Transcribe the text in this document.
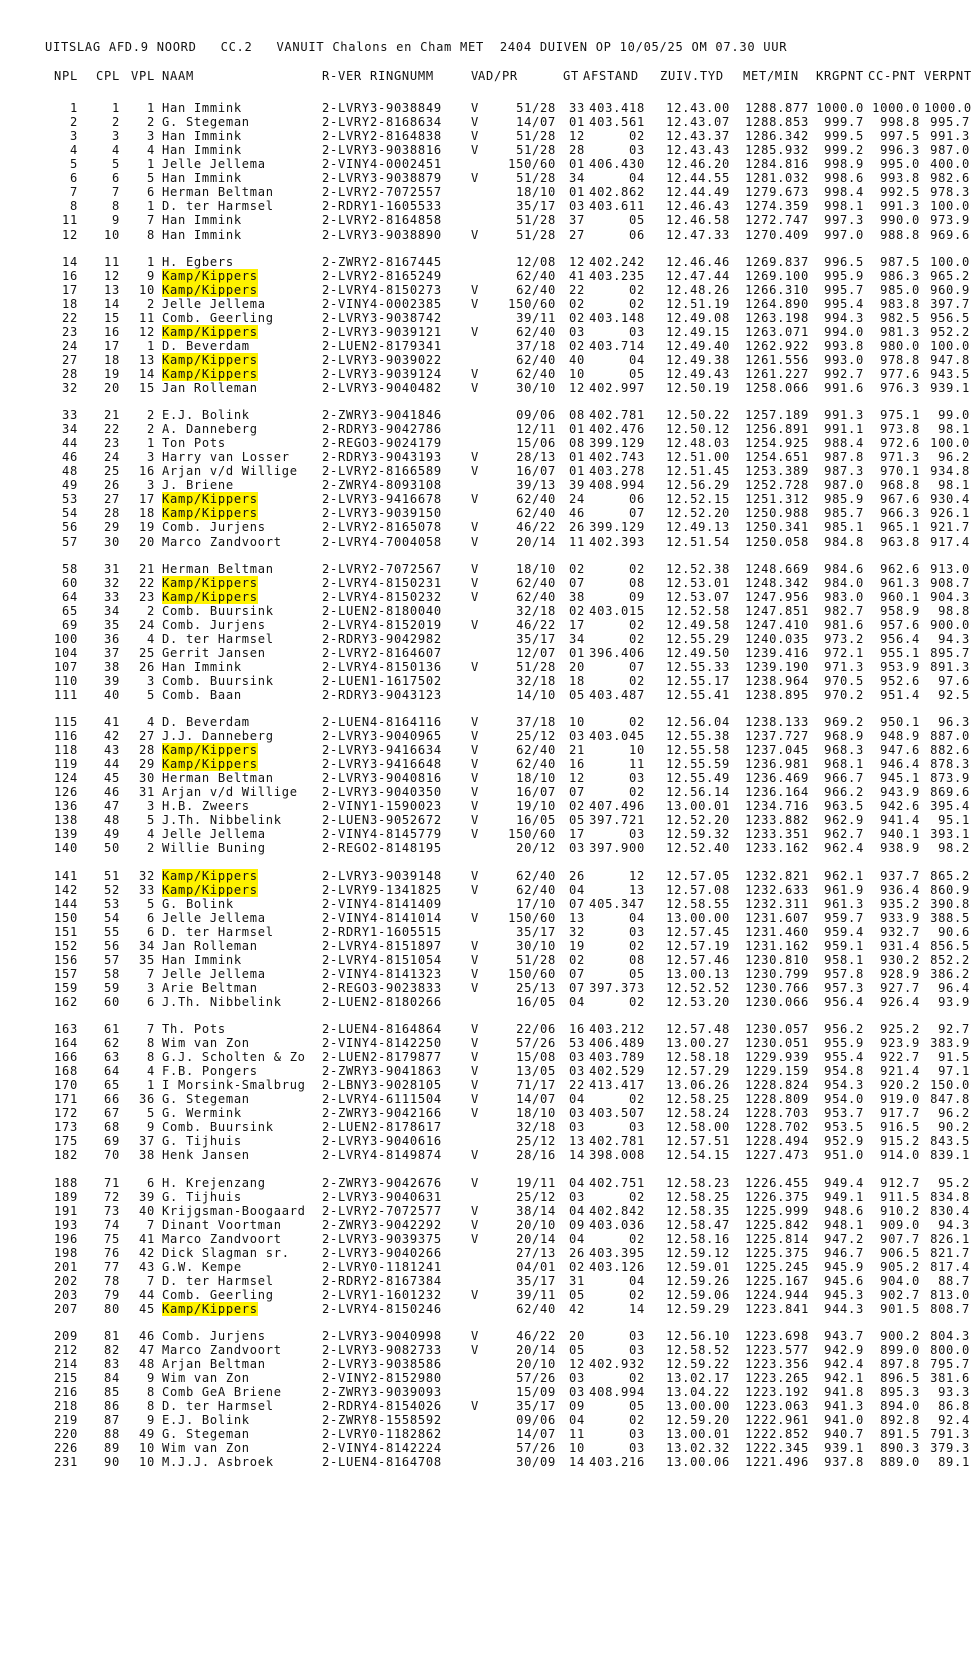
UITSLAG AFD.9 NOORD   CC.2   VANUIT Chalons en Cham MET  2404 DUIVEN OP 10/05/25 OM 07.30 UUR
NPL	CPL VPL NAAM	R-VER RINGNUMM	V AD/PR	GT AFSTAND	ZUIV.TYD	MET/MIN	KRGPNT CC-PNT VERPNT
1	1	1 Han Immink	2-LVRY 3-9038849	V	51/28	33 403.418	12.43.00 1288.877 1000.0 1000.0 1000.0
2	2	2 G. Stegeman	2-LVRY 2-8168634	V	14/07	01 403.561	12.43.07 1288.853	999.7	998.8 995.7
3	3	3 Han Immink	2-LVRY 2-8164838	V	51/28	12	02	12.43.37 1286.342	999.5	997.5 991.3
4	4	4 Han Immink	2-LVRY 3-9038816	V	51/28	28	03	12.43.43 1285.932	999.2	996.3 987.0
5	5	1 Jelle Jellema	2-VINY 4-0002451	150/60	01 406.430	12.46.20 1284.816	998.9	995.0 400.0
6	6	5 Han Immink	2-LVRY 3-9038879	V	51/28	34	04	12.44.55 1281.032	998.6	993.8 982.6
7	7	6 Herman Beltman	2-LVRY 2-7072557	18/10	01 402.862	12.44.49 1279.673	998.4	992.5 978.3
8	8	1 D. ter Harmsel	2-RDRY 1-1605533	35/17	03 403.611	12.46.43 1274.359	998.1	991.3 100.0
11	9	7 Han Immink	2-LVRY 2-8164858	51/28	37	05	12.46.58 1272.747	997.3	990.0 973.9
12	10	8 Han Immink	2-LVRY 3-9038890	V	51/28	27	06	12.47.33 1270.409	997.0	988.8 969.6
14	11	1 H. Egbers	2-ZWRY 2-8167445	12/08	12 402.242	12.46.46 1269.837	996.5	987.5 100.0
16	12	9 Kamp/Kippers	2-LVRY 2-8165249	62/40	41 403.235	12.47.44 1269.100	995.9	986.3 965.2
17	13	10 Kamp/Kippers	2-LVRY 4-8150273	V	62/40	22	02	12.48.26 1266.310	995.7	985.0 960.9
18	14	2 Jelle Jellema	2-VINY 4-0002385	V	150/60	02	02	12.51.19 1264.890	995.4	983.8 397.7
22	15	11 Comb. Geerling	2-LVRY 3-9038742	39/11	02 403.148	12.49.08 1263.198	994.3	982.5 956.5
23	16	12 Kamp/Kippers	2-LVRY 3-9039121	V	62/40	03	03	12.49.15 1263.071	994.0	981.3 952.2
24	17	1 D. Beverdam	2-LUEN 2-8179341	37/18	02 403.714	12.49.40 1262.922	993.8	980.0 100.0
27	18	13 Kamp/Kippers	2-LVRY 3-9039022	62/40	40	04	12.49.38 1261.556	993.0	978.8 947.8
28	19	14 Kamp/Kippers	2-LVRY 3-9039124	V	62/40	10	05	12.49.43 1261.227	992.7	977.6 943.5
32	20	15 Jan Rolleman	2-LVRY 3-9040482	V	30/10	12 402.997	12.50.19 1258.066	991.6	976.3 939.1
33	21	2 E.J. Bolink	2-ZWRY 3-9041846	09/06	08 402.781	12.50.22 1257.189	991.3	975.1	99.0
34	22	2 A. Danneberg	2-RDRY 3-9042786	12/11	01 402.476	12.50.12 1256.891	991.1	973.8	98.1
44	23	1 Ton Pots	2-REGO 3-9024179	15/06	08 399.129	12.48.03 1254.925	988.4	972.6 100.0
46	24	3 Harry van Losser	2-RDRY 3-9043193	V	28/13	01 402.743	12.51.00 1254.651	987.8	971.3	96.2
48	25	16 Arjan v/d Willige	2-LVRY 2-8166589	V	16/07	01 403.278	12.51.45 1253.389	987.3	970.1 934.8
49	26	3 J. Briene	2-ZWRY 4-8093108	39/13	39 408.994	12.56.29 1252.728	987.0	968.8	98.1
53	27	17 Kamp/Kippers	2-LVRY 3-9416678	V	62/40	24	06	12.52.15 1251.312	985.9	967.6 930.4
54	28	18 Kamp/Kippers	2-LVRY 3-9039150	62/40	46	07	12.52.20 1250.988	985.7	966.3 926.1
56	29	19 Comb. Jurjens	2-LVRY 2-8165078	V	46/22	26 399.129	12.49.13 1250.341	985.1	965.1 921.7
57	30	20 Marco Zandvoort	2-LVRY 4-7004058	V	20/14	11 402.393	12.51.54 1250.058	984.8	963.8 917.4
58	31	21 Herman Beltman	2-LVRY 2-7072567	V	18/10	02	02	12.52.38 1248.669	984.6	962.6 913.0
60	32	22 Kamp/Kippers	2-LVRY 4-8150231	V	62/40	07	08	12.53.01 1248.342	984.0	961.3 908.7
64	33	23 Kamp/Kippers	2-LVRY 4-8150232	V	62/40	38	09	12.53.07 1247.956	983.0	960.1 904.3
65	34	2 Comb. Buursink	2-LUEN 2-8180040	32/18	02 403.015	12.52.58 1247.851	982.7	958.9	98.8
69	35	24 Comb. Jurjens	2-LVRY 4-8152019	V	46/22	17	02	12.49.58 1247.410	981.6	957.6 900.0
100	36	4 D. ter Harmsel	2-RDRY 3-9042982	35/17	34	02	12.55.29 1240.035	973.2	956.4	94.3
104	37	25 Gerrit Jansen	2-LVRY 2-8164607	12/07	01 396.406	12.49.50 1239.416	972.1	955.1 895.7
107	38	26 Han Immink	2-LVRY 4-8150136	V	51/28	20	07	12.55.33 1239.190	971.3	953.9 891.3
110	39	3 Comb. Buursink	2-LUEN 1-1617502	32/18	18	02	12.55.17 1238.964	970.5	952.6	97.6
111	40	5 Comb. Baan	2-RDRY 3-9043123	14/10	05 403.487	12.55.41 1238.895	970.2	951.4	92.5
115	41	4 D. Beverdam	2-LUEN 4-8164116	V	37/18	10	02	12.56.04 1238.133	969.2	950.1	96.3
116	42	27 J.J. Danneberg	2-LVRY 3-9040965	V	25/12	03 403.045	12.55.38 1237.727	968.9	948.9 887.0
118	43	28 Kamp/Kippers	2-LVRY 3-9416634	V	62/40	21	10	12.55.58 1237.045	968.3	947.6 882.6
119	44	29 Kamp/Kippers	2-LVRY 3-9416648	V	62/40	16	11	12.55.59 1236.981	968.1	946.4 878.3
124	45	30 Herman Beltman	2-LVRY 3-9040816	V	18/10	12	03	12.55.49 1236.469	966.7	945.1 873.9
126	46	31 Arjan v/d Willige	2-LVRY 3-9040350	V	16/07	07	02	12.56.14 1236.164	966.2	943.9 869.6
136	47	3 H.B. Zweers	2-VINY 1-1590023	V	19/10	02 407.496	13.00.01 1234.716	963.5	942.6 395.4
138	48	5 J.Th. Nibbelink	2-LUEN 3-9052672	V	16/05	05 397.721	12.52.20 1233.882	962.9	941.4	95.1
139	49	4 Jelle Jellema	2-VINY 4-8145779	V	150/60	17	03	12.59.32 1233.351	962.7	940.1 393.1
140	50	2 Willie Buning	2-REGO 2-8148195	20/12	03 397.900	12.52.40 1233.162	962.4	938.9	98.2
141	51	32 Kamp/Kippers	2-LVRY 3-9039148	V	62/40	26	12	12.57.05 1232.821	962.1	937.7 865.2
142	52	33 Kamp/Kippers	2-LVRY 9-1341825	V	62/40	04	13	12.57.08 1232.633	961.9	936.4 860.9
144	53	5 G. Bolink	2-VINY 4-8141409	17/10	07 405.347	12.58.55 1232.311	961.3	935.2 390.8
150	54	6 Jelle Jellema	2-VINY 4-8141014	V	150/60	13	04	13.00.00 1231.607	959.7	933.9 388.5
151	55	6 D. ter Harmsel	2-RDRY 1-1605515	35/17	32	03	12.57.45 1231.460	959.4	932.7	90.6
152	56	34 Jan Rolleman	2-LVRY 4-8151897	V	30/10	19	02	12.57.19 1231.162	959.1	931.4 856.5
156	57	35 Han Immink	2-LVRY 4-8151054	V	51/28	02	08	12.57.46 1230.810	958.1	930.2 852.2
157	58	7 Jelle Jellema	2-VINY 4-8141323	V	150/60	07	05	13.00.13 1230.799	957.8	928.9 386.2
159	59	3 Arie Beltman	2-REGO 3-9023833	V	25/13	07 397.373	12.52.52 1230.766	957.3	927.7	96.4
162	60	6 J.Th. Nibbelink	2-LUEN 2-8180266	16/05	04	02	12.53.20 1230.066	956.4	926.4	93.9
163	61	7 Th. Pots	2-LUEN 4-8164864	V	22/06	16 403.212	12.57.48 1230.057	956.2	925.2	92.7
164	62	8 Wim van Zon	2-VINY 4-8142250	V	57/26	53 406.489	13.00.27 1230.051	955.9	923.9 383.9
166	63	8 G.J. Scholten & Zo 2-LUEN 2-8179877	V	15/08	03 403.789	12.58.18 1229.939	955.4	922.7	91.5
168	64	4 F.B. Pongers	2-ZWRY 3-9041863	V	13/05	03 402.529	12.57.29 1229.159	954.8	921.4	97.1
170	65	1 I Morsink-Smalbrug 2-LBNY 3-9028105	V	71/17	22 413.417	13.06.26 1228.824	954.3	920.2 150.0
171	66	36 G. Stegeman	2-LVRY 4-6111504	V	14/07	04	02	12.58.25 1228.809	954.0	919.0 847.8
172	67	5 G. Wermink	2-ZWRY 3-9042166	V	18/10	03 403.507	12.58.24 1228.703	953.7	917.7	96.2
173	68	9 Comb. Buursink	2-LUEN 2-8178617	32/18	03	03	12.58.00 1228.702	953.5	916.5	90.2
175	69	37 G. Tijhuis	2-LVRY 3-9040616	25/12	13 402.781	12.57.51 1228.494	952.9	915.2 843.5
182	70	38 Henk Jansen	2-LVRY 4-8149874	V	28/16	14 398.008	12.54.15 1227.473	951.0	914.0 839.1
188	71	6 H. Krejenzang	2-ZWRY 3-9042676	V	19/11	04 402.751	12.58.23 1226.455	949.4	912.7	95.2
189	72	39 G. Tijhuis	2-LVRY 3-9040631	25/12	03	02	12.58.25 1226.375	949.1	911.5 834.8
191	73	40 Krijgsman-Boogaard 2-LVRY 2-7072577	V	38/14	04 402.842	12.58.35 1225.999	948.6	910.2 830.4
193	74	7 Dinant Voortman	2-ZWRY 3-9042292	V	20/10	09 403.036	12.58.47 1225.842	948.1	909.0	94.3
196	75	41 Marco Zandvoort	2-LVRY 3-9039375	V	20/14	04	02	12.58.16 1225.814	947.2	907.7 826.1
198	76	42 Dick Slagman sr.	2-LVRY 3-9040266	27/13	26 403.395	12.59.12 1225.375	946.7	906.5 821.7
201	77	43 G.W. Kempe	2-LVRY 0-1181241	04/01	02 403.126	12.59.01 1225.245	945.9	905.2 817.4
202	78	7 D. ter Harmsel	2-RDRY 2-8167384	35/17	31	04	12.59.26 1225.167	945.6	904.0	88.7
203	79	44 Comb. Geerling	2-LVRY 1-1601232	V	39/11	05	02	12.59.06 1224.944	945.3	902.7 813.0
207	80	45 Kamp/Kippers	2-LVRY 4-8150246	62/40	42	14	12.59.29 1223.841	944.3	901.5 808.7
209	81	46 Comb. Jurjens	2-LVRY 3-9040998	V	46/22	20	03	12.56.10 1223.698	943.7	900.2 804.3
212	82	47 Marco Zandvoort	2-LVRY 3-9082733	V	20/14	05	03	12.58.52 1223.577	942.9	899.0 800.0
214	83	48 Arjan Beltman	2-LVRY 3-9038586	20/10	12 402.932	12.59.22 1223.356	942.4	897.8 795.7
215	84	9 Wim van Zon	2-VINY 2-8152980	57/26	03	02	13.02.17 1223.265	942.1	896.5 381.6
216	85	8 Comb GeA Briene	2-ZWRY 3-9039093	15/09	03 408.994	13.04.22 1223.192	941.8	895.3	93.3
218	86	8 D. ter Harmsel	2-RDRY 4-8154026	V	35/17	09	05	13.00.00 1223.063	941.3	894.0	86.8
219	87	9 E.J. Bolink	2-ZWRY 8-1558592	09/06	04	02	12.59.20 1222.961	941.0	892.8	92.4
220	88	49 G. Stegeman	2-LVRY 0-1182862	14/07	11	03	13.00.01 1222.852	940.7	891.5 791.3
226	89	10 Wim van Zon	2-VINY 4-8142224	57/26	10	03	13.02.32 1222.345	939.1	890.3 379.3
231	90	10 M.J.J. Asbroek	2-LUEN 4-8164708	30/09	14 403.216	13.00.06 1221.496	937.8	889.0	89.1
